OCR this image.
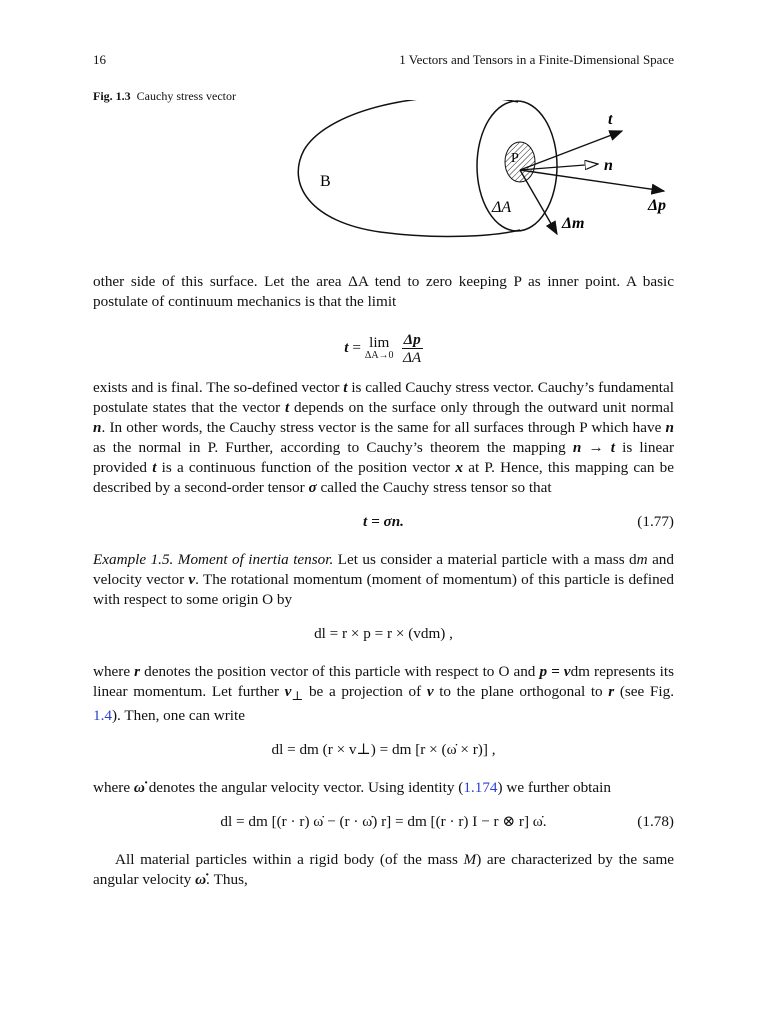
16	1 Vectors and Tensors in a Finite-Dimensional Space
Fig. 1.3 Cauchy stress vector
B
P
ΔA
t
n
Δp
Δm

other side of this surface. Let the area ΔA tend to zero keeping P as inner point. A basic postulate of continuum mechanics is that the limit

t
= lim
$\Delta A\to 0 \frac{\Delta p}{\Delta A}$

exists and is final. The so-defined vector t is called Cauchy stress vector. Cauchy’s fundamental postulate states that the vector t depends on the surface only through the outward unit normal n. In other words, the Cauchy stress vector is the same for all surfaces through P which have n as the normal in P. Further, according to Cauchy’s theorem the mapping n → t is linear provided t is a continuous function of the position vector x at P. Hence, this mapping can be described by a second-order tensor σ called the Cauchy stress tensor so that

t = σn.	(1.77)

Example 1.5. Moment of inertia tensor. Let us consider a material particle with a mass dm and velocity vector v. The rotational momentum (moment of momentum) of this particle is defined with respect to some origin O by

dl = r × p = r × (vdm) ,

where r denotes the position vector of this particle with respect to O and p = vdm represents its linear momentum. Let further $v_\perp$ be a projection of v to the plane orthogonal to r (see Fig. 1.4). Then, one can write

dl = dm (r × v⊥) = dm [r × (ω̇ × r)] ,

where ω̇ denotes the angular velocity vector. Using identity (1.174) we further obtain

dl = dm [(r · r) ω̇ − (r · ω̇) r] = dm [(r · r) I − r ⊗ r] ω̇.	(1.78)

All material particles within a rigid body (of the mass M) are characterized by the same angular velocity ω̇. Thus,
